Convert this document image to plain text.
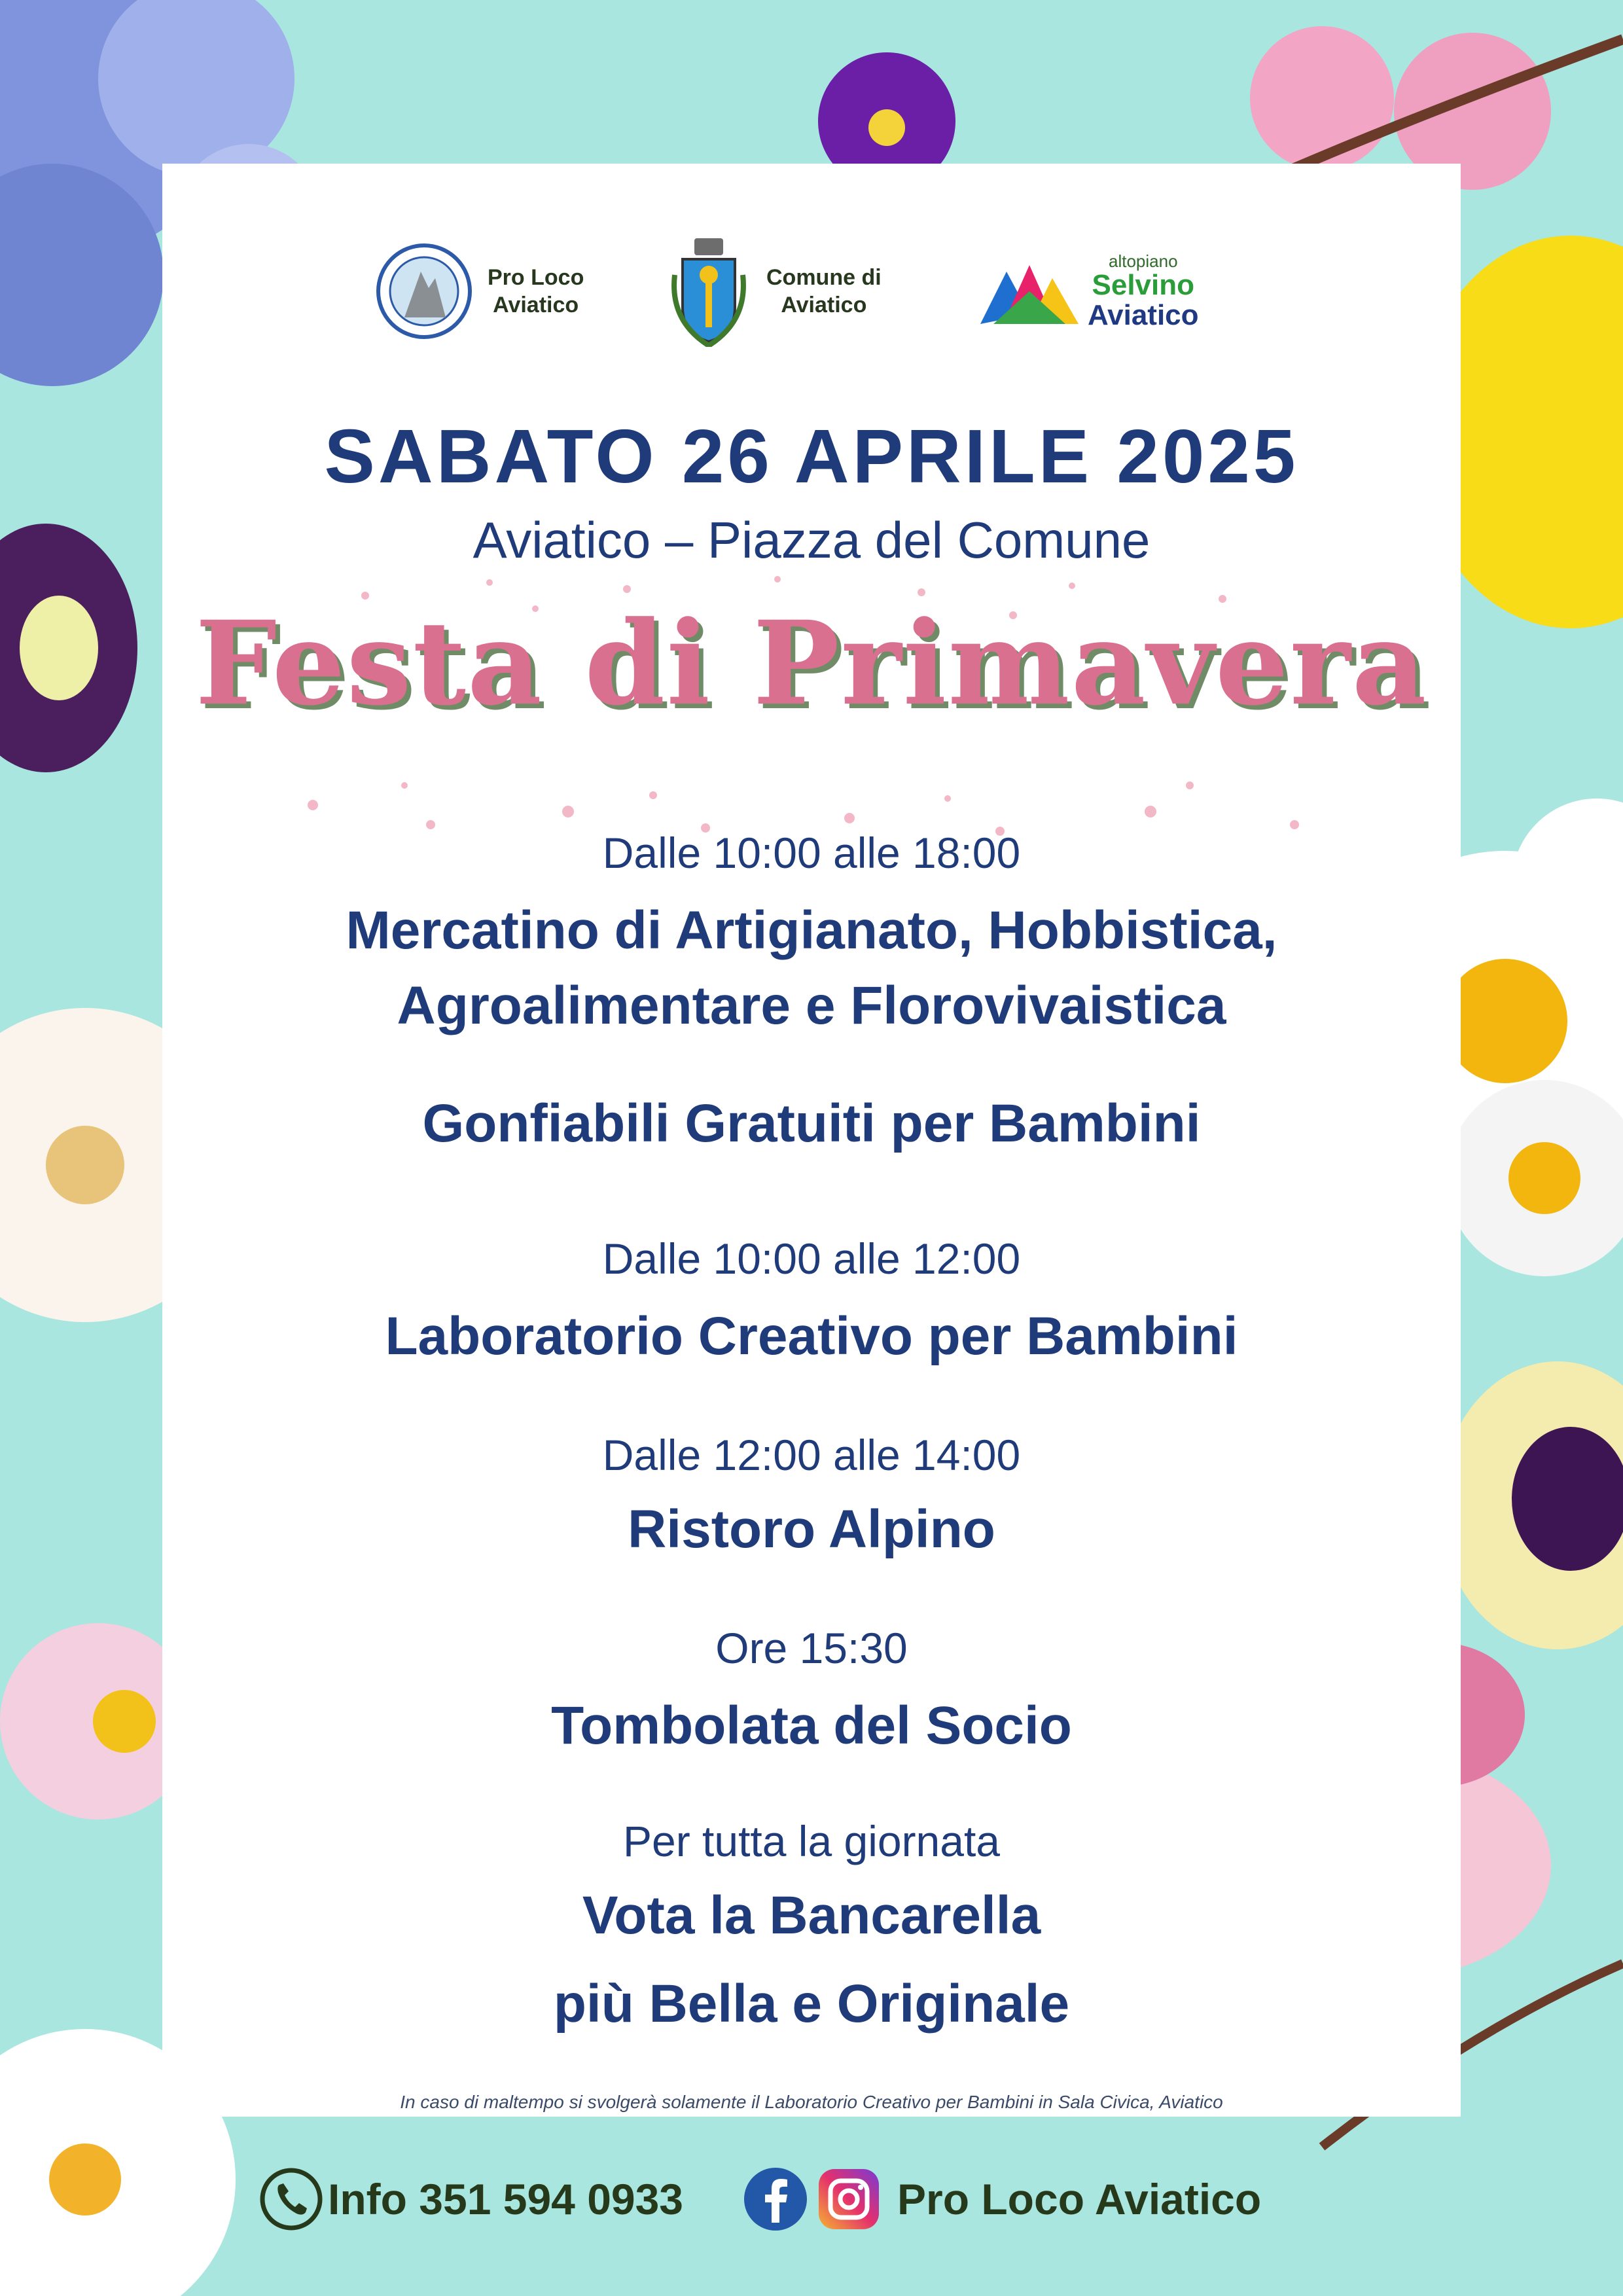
Pro Loco
Aviatico
Comune di
Aviatico
altopiano
Selvino
Aviatico
SABATO 26 APRILE 2025
Aviatico – Piazza del Comune
Festa di Primavera
Dalle 10:00 alle 18:00
Mercatino di Artigianato, Hobbistica,
Agroalimentare e Florovivaistica
Gonfiabili Gratuiti per Bambini
Dalle 10:00 alle 12:00
Laboratorio Creativo per Bambini
Dalle 12:00 alle 14:00
Ristoro Alpino
Ore 15:30
Tombolata del Socio
Per tutta la giornata
Vota la Bancarella
più Bella e Originale
In caso di maltempo si svolgerà solamente il Laboratorio Creativo per Bambini in Sala Civica, Aviatico
Info 351 594 0933	Pro Loco Aviatico
